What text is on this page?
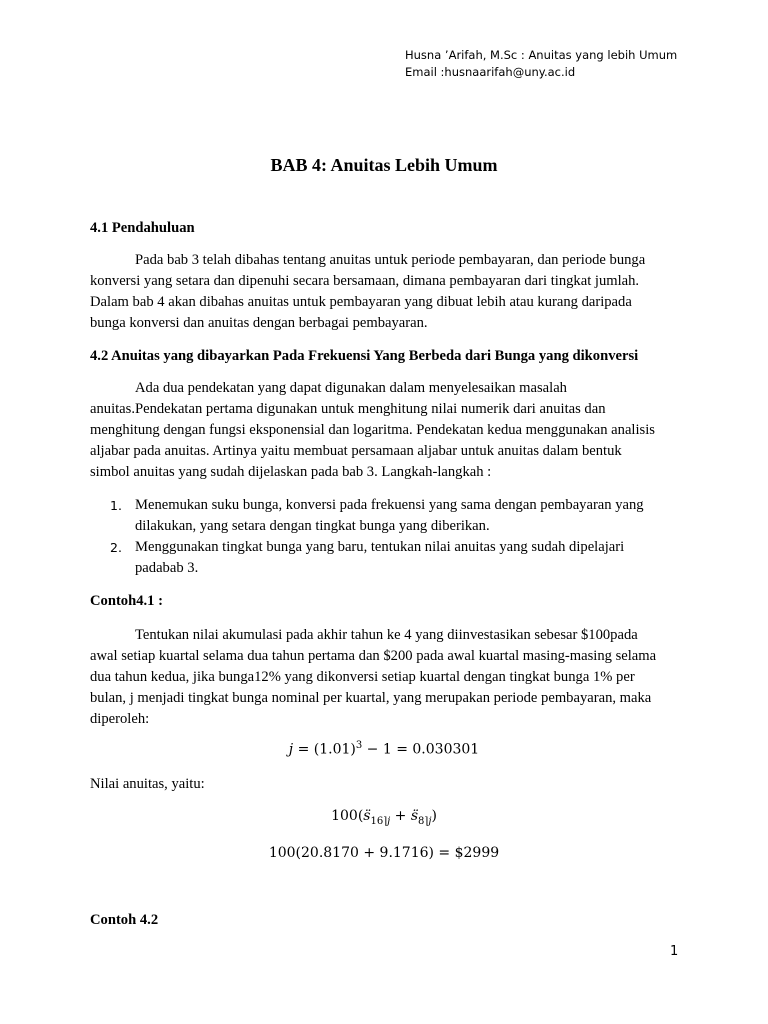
Husna ’Arifah, M.Sc : Anuitas yang lebih Umum
Email :husnaarifah@uny.ac.id
BAB 4: Anuitas Lebih Umum
4.1 Pendahuluan

Pada bab 3 telah dibahas tentang anuitas untuk periode pembayaran, dan periode bunga
konversi yang setara dan dipenuhi secara bersamaan, dimana pembayaran dari tingkat jumlah.
Dalam bab 4 akan dibahas anuitas untuk pembayaran yang dibuat lebih atau kurang daripada
bunga konversi dan anuitas dengan berbagai pembayaran.

4.2 Anuitas yang dibayarkan Pada Frekuensi Yang Berbeda dari Bunga yang dikonversi

Ada dua pendekatan yang dapat digunakan dalam menyelesaikan masalah
anuitas.Pendekatan pertama digunakan untuk menghitung nilai numerik dari anuitas dan
menghitung dengan fungsi eksponensial dan logaritma. Pendekatan kedua menggunakan analisis
aljabar pada anuitas. Artinya yaitu membuat persamaan aljabar untuk anuitas dalam bentuk
simbol anuitas yang sudah dijelaskan pada bab 3. Langkah-langkah :

1. Menemukan suku bunga, konversi pada frekuensi yang sama dengan pembayaran yang
dilakukan, yang setara dengan tingkat bunga yang diberikan.
2. Menggunakan tingkat bunga yang baru, tentukan nilai anuitas yang sudah dipelajari
padabab 3.
Contoh4.1 :

Tentukan nilai akumulasi pada akhir tahun ke 4 yang diinvestasikan sebesar $100pada
awal setiap kuartal selama dua tahun pertama dan $200 pada awal kuartal masing-masing selama
dua tahun kedua, jika bunga12% yang dikonversi setiap kuartal dengan tingkat bunga 1% per
bulan, j menjadi tingkat bunga nominal per kuartal, yang merupakan periode pembayaran, maka
diperoleh:

$j = (1.01)^3 - 1 = 0.030301$
Nilai anuitas, yaitu:
$100(s̈_{16⌉j}$ + $s̈_{8⌉j}$)
100(20.8170 + 9.1716) = $2999
Contoh 4.2
1
